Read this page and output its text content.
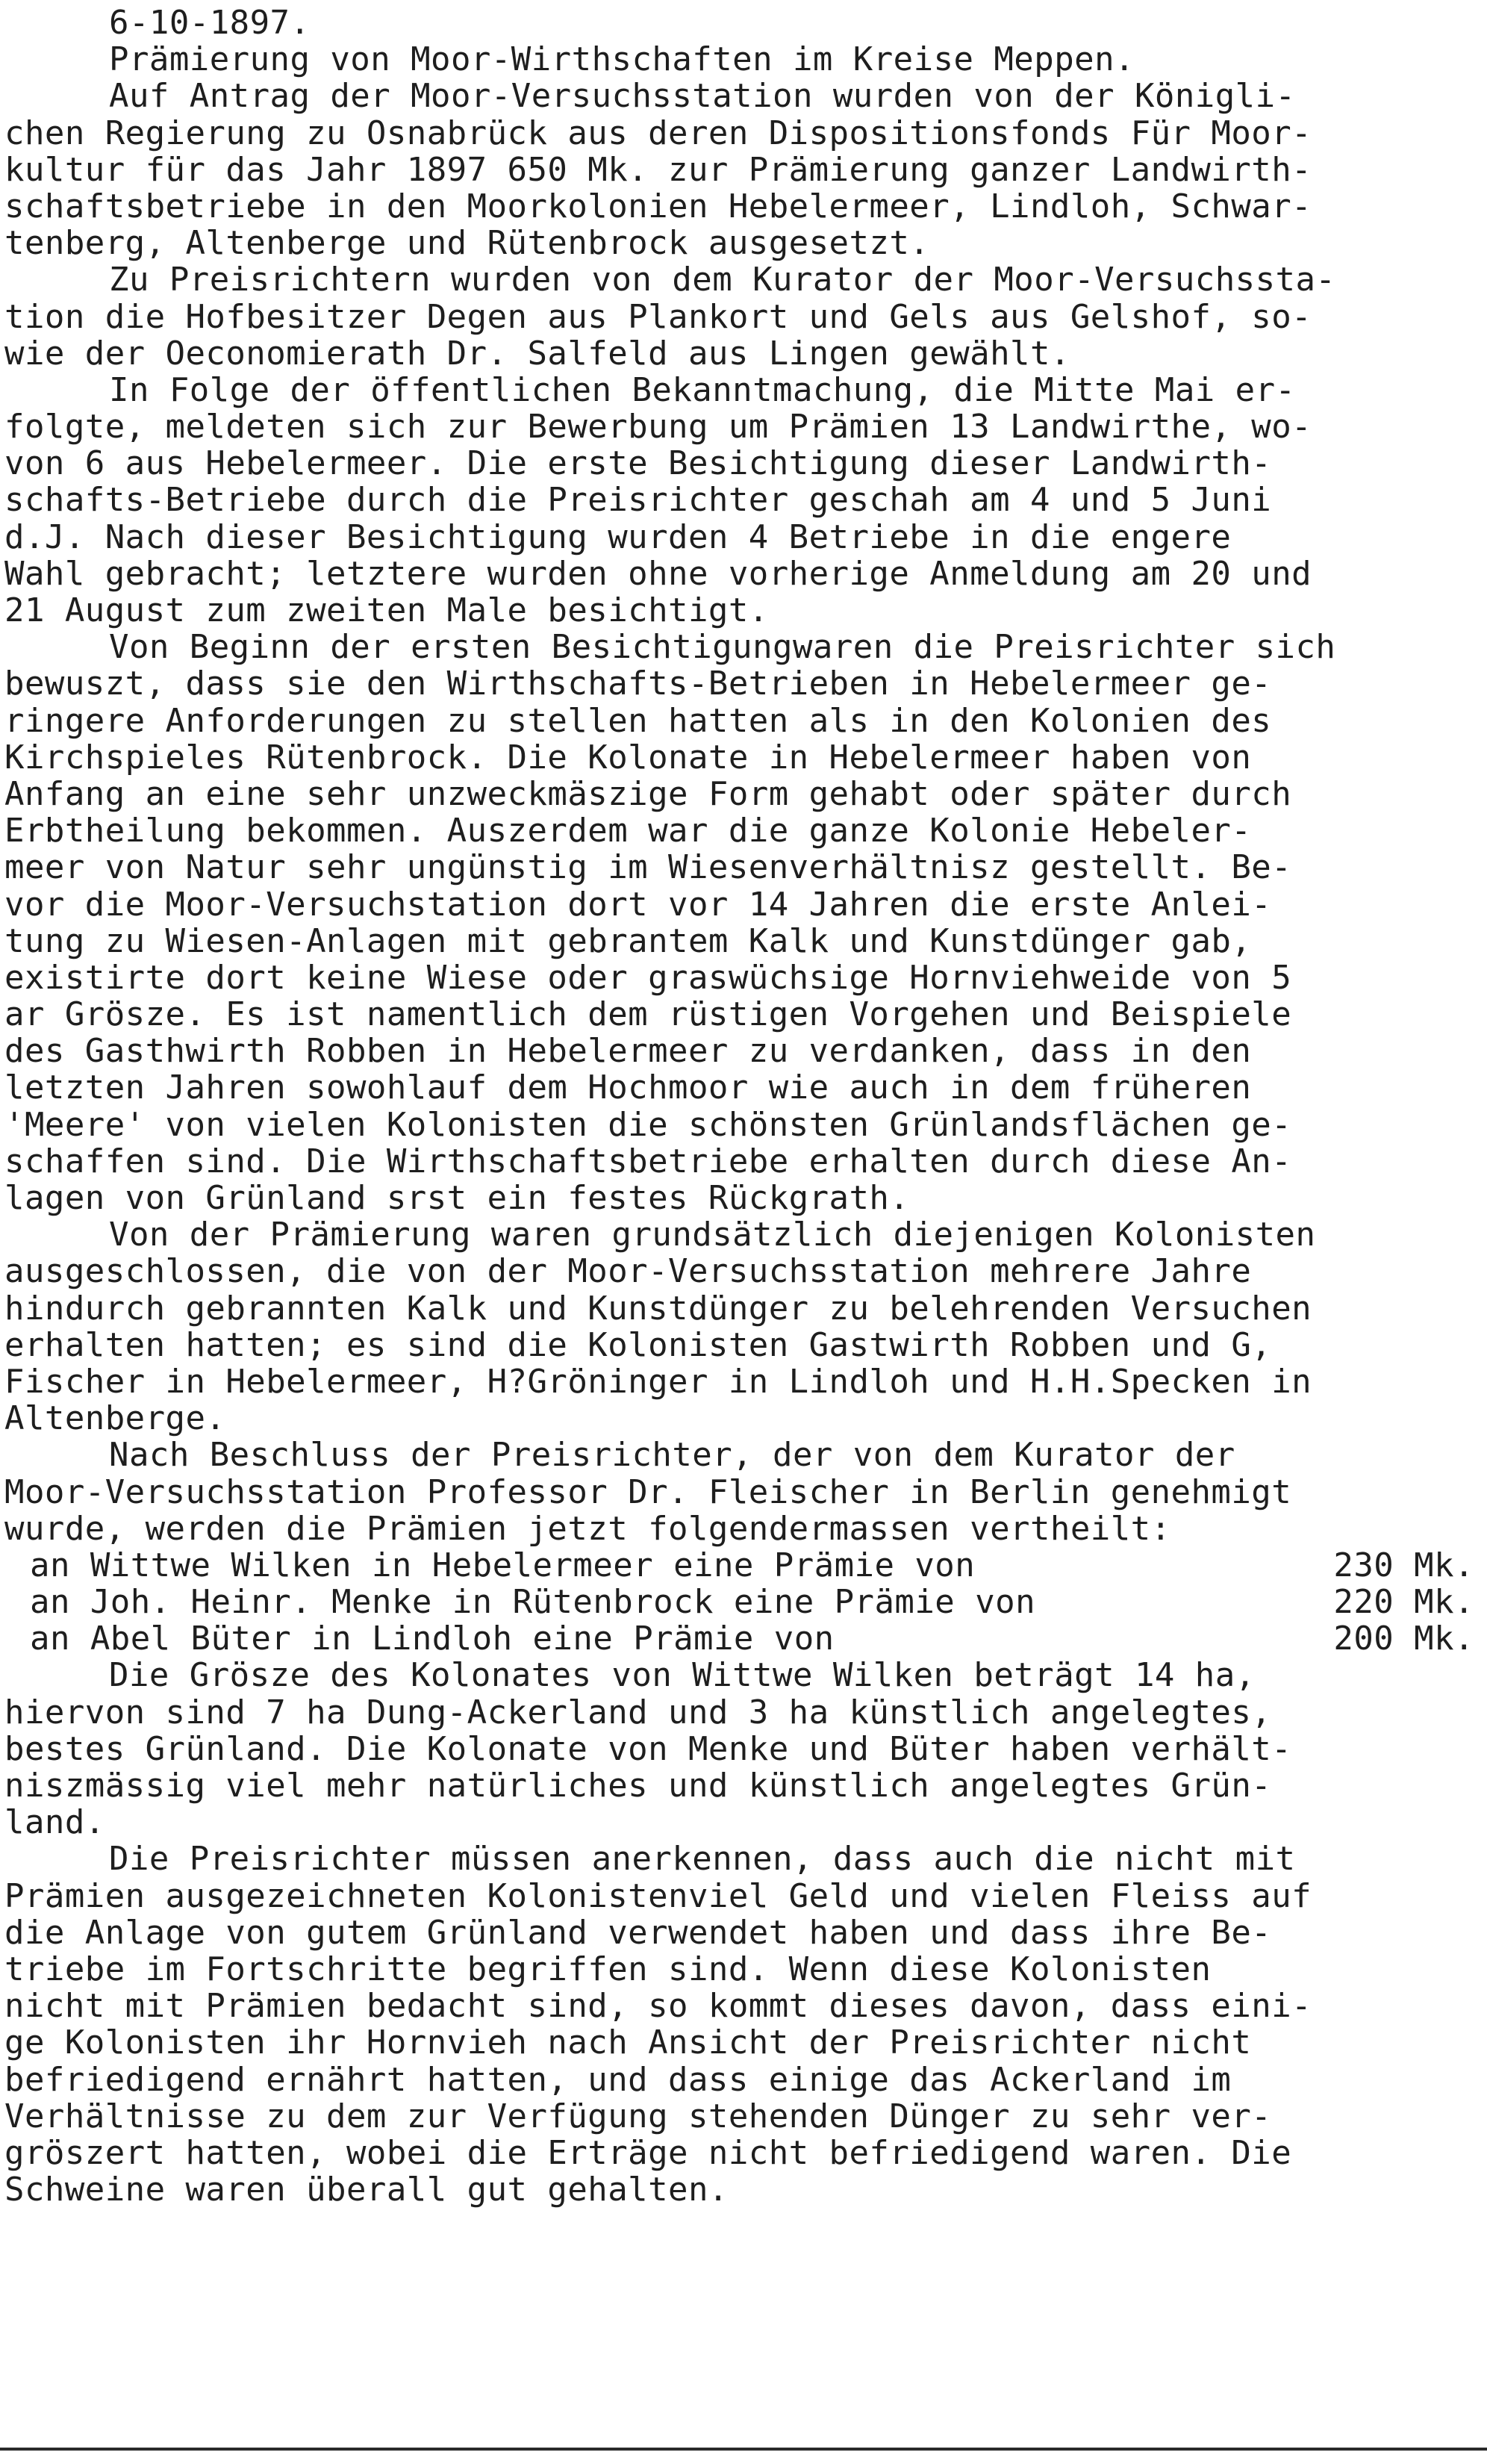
6-10-1897.
Prämierung von Moor-Wirthschaften im Kreise Meppen.
Auf Antrag der Moor-Versuchsstation wurden von der Königli-
chen Regierung zu Osnabrück aus deren Dispositionsfonds Für Moor-
kultur für das Jahr 1897 650 Mk. zur Prämierung ganzer Landwirth-
schaftsbetriebe in den Moorkolonien Hebelermeer, Lindloh, Schwar-
tenberg, Altenberge und Rütenbrock ausgesetzt.
Zu Preisrichtern wurden von dem Kurator der Moor-Versuchssta-
tion die Hofbesitzer Degen aus Plankort und Gels aus Gelshof, so-
wie der Oeconomierath Dr. Salfeld aus Lingen gewählt.
In Folge der öffentlichen Bekanntmachung, die Mitte Mai er-
folgte, meldeten sich zur Bewerbung um Prämien 13 Landwirthe, wo-
von 6 aus Hebelermeer. Die erste Besichtigung dieser Landwirth-
schafts-Betriebe durch die Preisrichter geschah am 4 und 5 Juni
d.J. Nach dieser Besichtigung wurden 4 Betriebe in die engere
Wahl gebracht; letztere wurden ohne vorherige Anmeldung am 20 und
21 August zum zweiten Male besichtigt.
Von Beginn der ersten Besichtigungwaren die Preisrichter sich
bewuszt, dass sie den Wirthschafts-Betrieben in Hebelermeer ge-
ringere Anforderungen zu stellen hatten als in den Kolonien des
Kirchspieles Rütenbrock. Die Kolonate in Hebelermeer haben von
Anfang an eine sehr unzweckmäszige Form gehabt oder später durch
Erbtheilung bekommen. Auszerdem war die ganze Kolonie Hebeler-
meer von Natur sehr ungünstig im Wiesenverhältnisz gestellt. Be-
vor die Moor-Versuchstation dort vor 14 Jahren die erste Anlei-
tung zu Wiesen-Anlagen mit gebrantem Kalk und Kunstdünger gab,
existirte dort keine Wiese oder graswüchsige Hornviehweide von 5
ar Grösze. Es ist namentlich dem rüstigen Vorgehen und Beispiele
des Gasthwirth Robben in Hebelermeer zu verdanken, dass in den
letzten Jahren sowohlauf dem Hochmoor wie auch in dem früheren
'Meere' von vielen Kolonisten die schönsten Grünlandsflächen ge-
schaffen sind. Die Wirthschaftsbetriebe erhalten durch diese An-
lagen von Grünland srst ein festes Rückgrath.
Von der Prämierung waren grundsätzlich diejenigen Kolonisten
ausgeschlossen, die von der Moor-Versuchsstation mehrere Jahre
hindurch gebrannten Kalk und Kunstdünger zu belehrenden Versuchen
erhalten hatten; es sind die Kolonisten Gastwirth Robben und G,
Fischer in Hebelermeer, H?Gröninger in Lindloh und H.H.Specken in
Altenberge.
Nach Beschluss der Preisrichter, der von dem Kurator der
Moor-Versuchsstation Professor Dr. Fleischer in Berlin genehmigt
wurde, werden die Prämien jetzt folgendermassen vertheilt:
an Wittwe Wilken in Hebelermeer eine Prämie von	230 Mk.
an Joh. Heinr. Menke in Rütenbrock eine Prämie von	220 Mk.
an Abel Büter in Lindloh eine Prämie von	200 Mk.
Die Grösze des Kolonates von Wittwe Wilken beträgt 14 ha,
hiervon sind 7 ha Dung-Ackerland und 3 ha künstlich angelegtes,
bestes Grünland. Die Kolonate von Menke und Büter haben verhält-
niszmässig viel mehr natürliches und künstlich angelegtes Grün-
land.
Die Preisrichter müssen anerkennen, dass auch die nicht mit
Prämien ausgezeichneten Kolonistenviel Geld und vielen Fleiss auf
die Anlage von gutem Grünland verwendet haben und dass ihre Be-
triebe im Fortschritte begriffen sind. Wenn diese Kolonisten
nicht mit Prämien bedacht sind, so kommt dieses davon, dass eini-
ge Kolonisten ihr Hornvieh nach Ansicht der Preisrichter nicht
befriedigend ernährt hatten, und dass einige das Ackerland im
Verhältnisse zu dem zur Verfügung stehenden Dünger zu sehr ver-
gröszert hatten, wobei die Erträge nicht befriedigend waren. Die
Schweine waren überall gut gehalten.
